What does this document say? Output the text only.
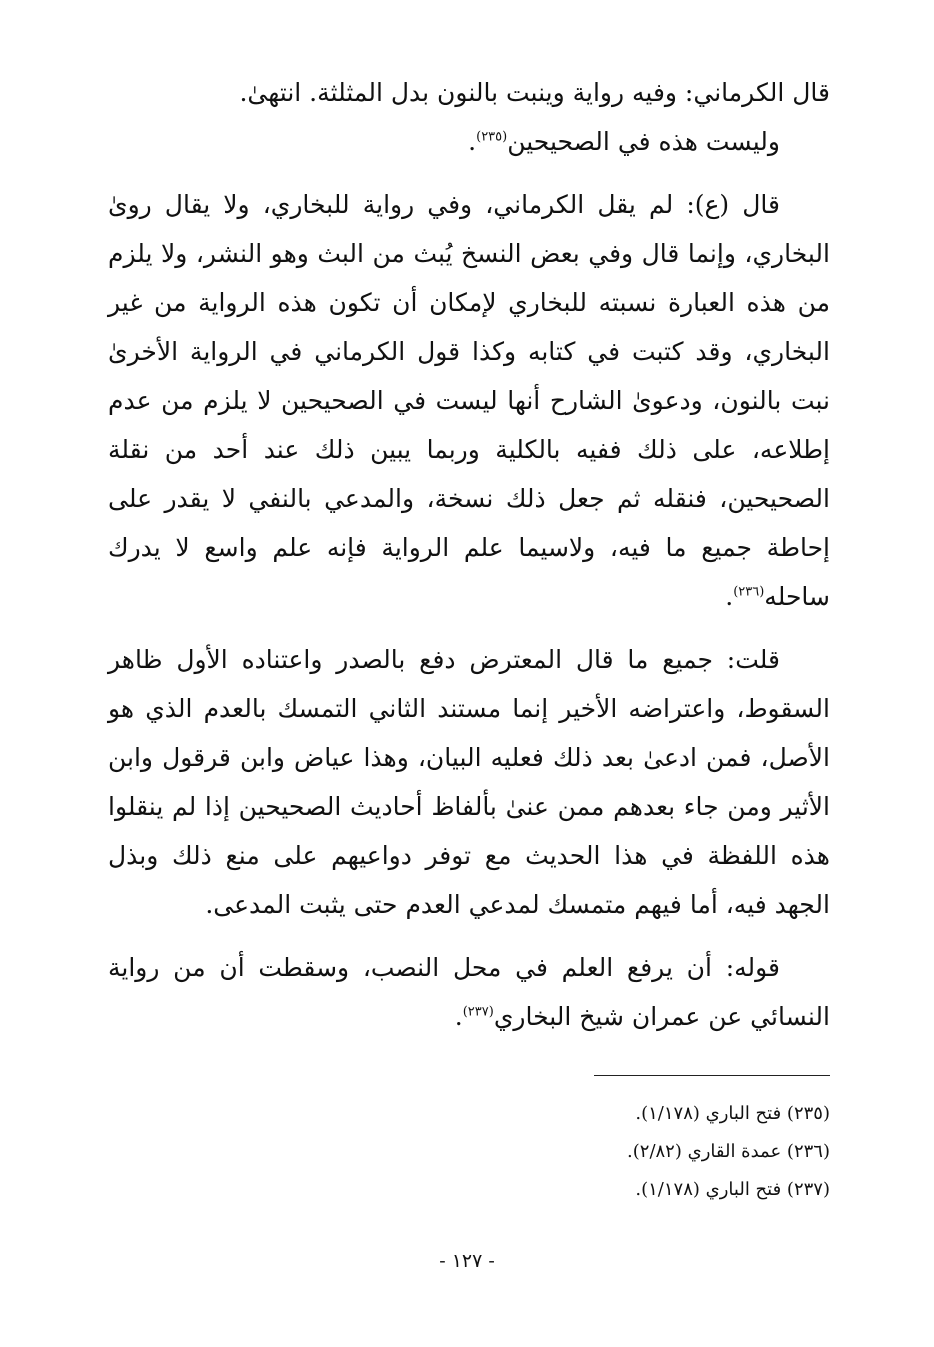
قال الكرماني: وفيه رواية وينبت بالنون بدل المثلثة. انتهىٰ.

وليست هذه في الصحيحين$^{(٢٣٥)}$.

قال (ع): لم يقل الكرماني، وفي رواية للبخاري، ولا يقال روىٰ البخاري، وإنما قال وفي بعض النسخ يُبث من البث وهو النشر، ولا يلزم من هذه العبارة نسبته للبخاري لإمكان أن تكون هذه الرواية من غير البخاري، وقد كتبت في كتابه وكذا قول الكرماني في الرواية الأخرىٰ نبت بالنون، ودعوىٰ الشارح أنها ليست في الصحيحين لا يلزم من عدم إطلاعه، على ذلك ففيه بالكلية وربما يبين ذلك عند أحد من نقلة الصحيحين، فنقله ثم جعل ذلك نسخة، والمدعي بالنفي لا يقدر على إحاطة جميع ما فيه، ولاسيما علم الرواية فإنه علم واسع لا يدرك ساحله$^{(٢٣٦)}$.

قلت: جميع ما قال المعترض دفع بالصدر واعتناده الأول ظاهر السقوط، واعتراضه الأخير إنما مستند الثاني التمسك بالعدم الذي هو الأصل، فمن ادعىٰ بعد ذلك فعليه البيان، وهذا عياض وابن قرقول وابن الأثير ومن جاء بعدهم ممن عنىٰ بألفاظ أحاديث الصحيحين إذا لم ينقلوا هذه اللفظة في هذا الحديث مع توفر دواعيهم على منع ذلك وبذل الجهد فيه، أما فيهم متمسك لمدعي العدم حتى يثبت المدعى.

قوله: أن يرفع العلم في محل النصب، وسقطت أن من رواية النسائي عن عمران شيخ البخاري$^{(٢٣٧)}$.

(٢٣٥) فتح الباري (١/١٧٨).

(٢٣٦) عمدة القاري (٢/٨٢).

(٢٣٧) فتح الباري (١/١٧٨).

- ١٢٧ -
